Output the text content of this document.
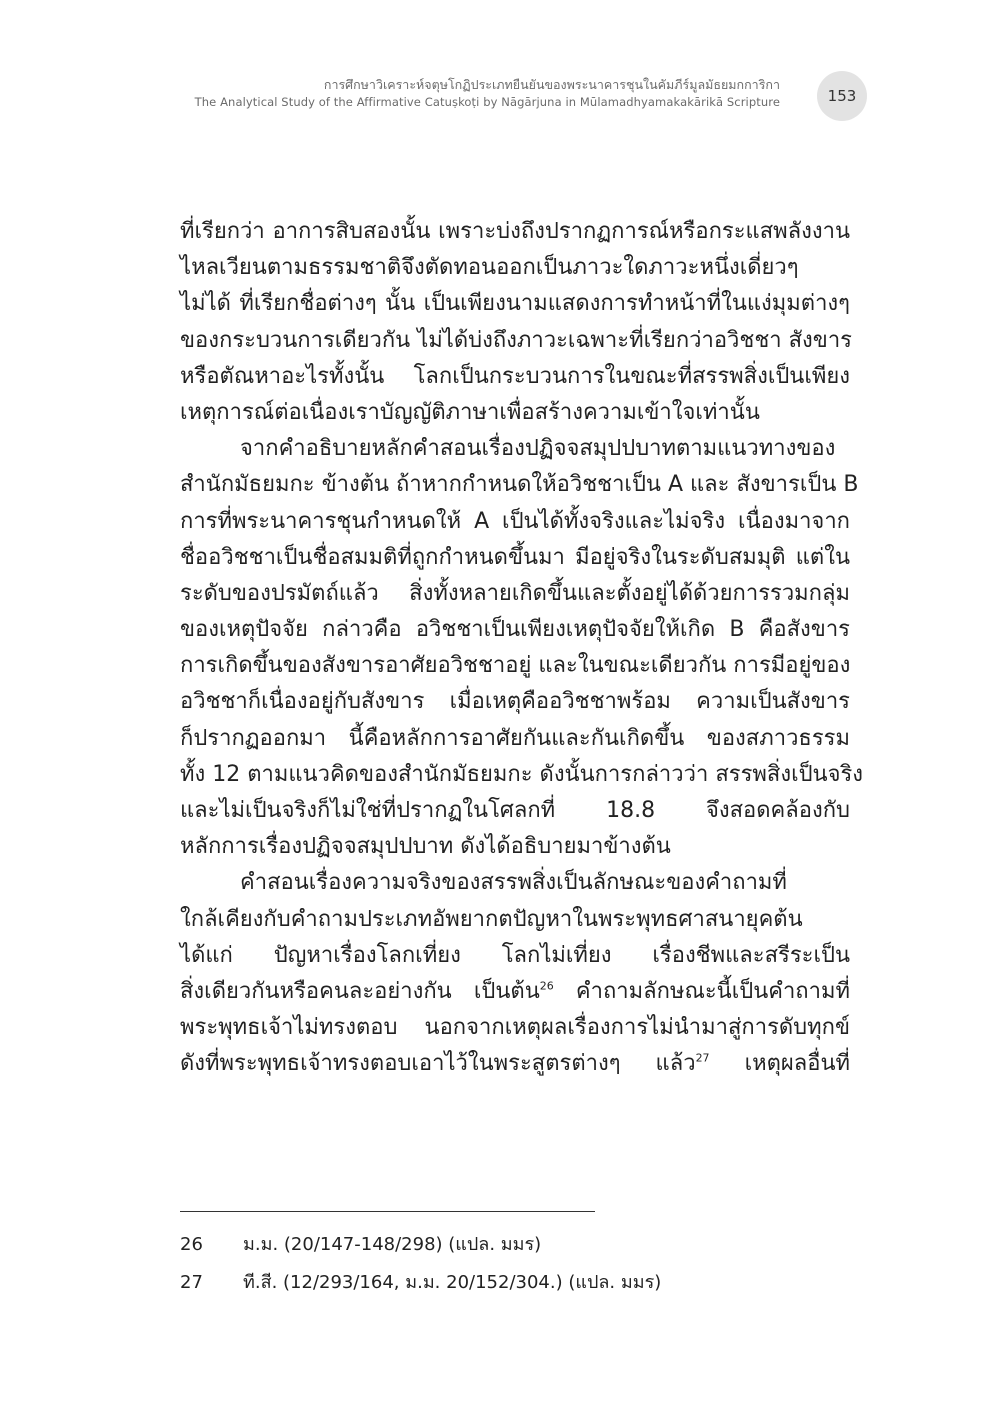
การศึกษาวิเคราะห์จตุษโกฏิประเภทยืนยันของพระนาคารชุนในคัมภีร์มูลมัธยมกการิกา
The Analytical Study of the Affirmative Catuṣkoṭi by Nāgārjuna in Mūlamadhyamakakārikā Scripture	153
ที่เรียกว่า อาการสิบสองนั้น เพราะบ่งถึงปรากฏการณ์หรือกระแสพลังงาน
ไหลเวียนตามธรรมชาติจึงตัดทอนออกเป็นภาวะใดภาวะหนึ่งเดี่ยวๆ
ไม่ได้ ที่เรียกชื่อต่างๆ นั้น เป็นเพียงนามแสดงการทำหน้าที่ในแง่มุมต่างๆ
ของกระบวนการเดียวกัน ไม่ได้บ่งถึงภาวะเฉพาะที่เรียกว่าอวิชชา สังขาร
หรือตัณหาอะไรทั้งนั้น โลกเป็นกระบวนการในขณะที่สรรพสิ่งเป็นเพียง
เหตุการณ์ต่อเนื่องเราบัญญัติภาษาเพื่อสร้างความเข้าใจเท่านั้น
จากคำอธิบายหลักคำสอนเรื่องปฏิจจสมุปปบาทตามแนวทางของ
สำนักมัธยมกะ ข้างต้น ถ้าหากกำหนดให้อวิชชาเป็น A และ สังขารเป็น B
การที่พระนาคารชุนกำหนดให้ A เป็นได้ทั้งจริงและไม่จริง เนื่องมาจาก
ชื่ออวิชชาเป็นชื่อสมมติที่ถูกกำหนดขึ้นมา มีอยู่จริงในระดับสมมุติ แต่ใน
ระดับของปรมัตถ์แล้ว สิ่งทั้งหลายเกิดขึ้นและตั้งอยู่ได้ด้วยการรวมกลุ่ม
ของเหตุปัจจัย กล่าวคือ อวิชชาเป็นเพียงเหตุปัจจัยให้เกิด B คือสังขาร
การเกิดขึ้นของสังขารอาศัยอวิชชาอยู่ และในขณะเดียวกัน การมีอยู่ของ
อวิชชาก็เนื่องอยู่กับสังขาร เมื่อเหตุคืออวิชชาพร้อม ความเป็นสังขาร
ก็ปรากฏออกมา นี้คือหลักการอาศัยกันและกันเกิดขึ้น ของสภาวธรรม
ทั้ง 12 ตามแนวคิดของสำนักมัธยมกะ ดังนั้นการกล่าวว่า สรรพสิ่งเป็นจริง
และไม่เป็นจริงก็ไม่ใช่ที่ปรากฏในโศลกที่ 18.8 จึงสอดคล้องกับ
หลักการเรื่องปฏิจจสมุปปบาท ดังได้อธิบายมาข้างต้น
คำสอนเรื่องความจริงของสรรพสิ่งเป็นลักษณะของคำถามที่
ใกล้เคียงกับคำถามประเภทอัพยากตปัญหาในพระพุทธศาสนายุคต้น
ได้แก่ ปัญหาเรื่องโลกเที่ยง โลกไม่เที่ยง เรื่องชีพและสรีระเป็น
สิ่งเดียวกันหรือคนละอย่างกัน เป็นต้น$^{26}$ คำถามลักษณะนี้เป็นคำถามที่
พระพุทธเจ้าไม่ทรงตอบ นอกจากเหตุผลเรื่องการไม่นำมาสู่การดับทุกข์
ดังที่พระพุทธเจ้าทรงตอบเอาไว้ในพระสูตรต่างๆ แล้ว$^{27}$ เหตุผลอื่นที่
26	ม.ม. (20/147-148/298) (แปล. มมร)
27	ที.สี. (12/293/164, ม.ม. 20/152/304.) (แปล. มมร)
